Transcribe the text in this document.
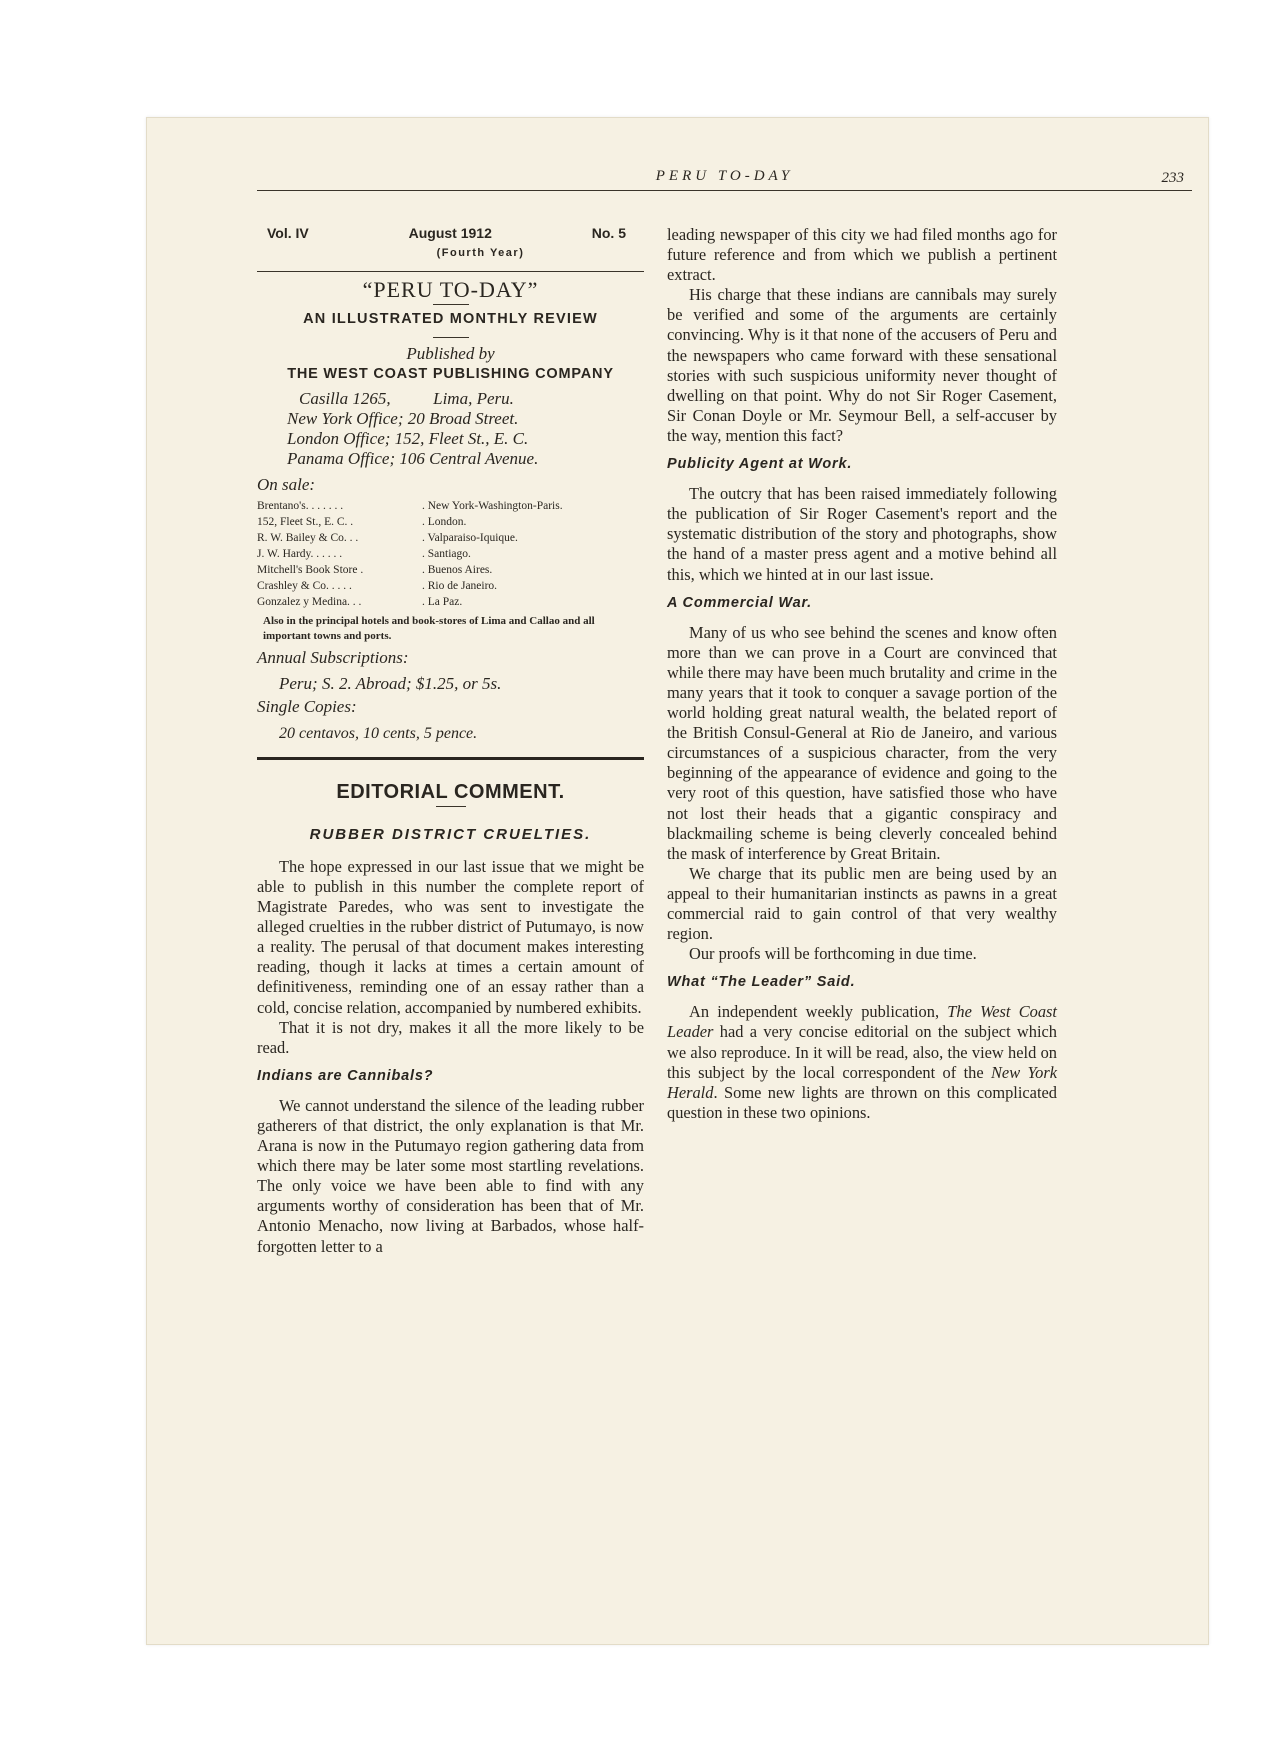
PERU TO-DAY	233
Vol. IV	August 1912	No. 5
(Fourth Year)
“PERU TO-DAY”
AN ILLUSTRATED MONTHLY REVIEW
Published by
THE WEST COAST PUBLISHING COMPANY
Casilla 1265,          Lima, Peru.
New York Office; 20 Broad Street.
London Office; 152, Fleet St., E. C.
Panama Office; 106 Central Avenue.
On sale:
Brentano's. . . . . . .	. New York-Washington-Paris.
152, Fleet St., E. C. .	. London.
R. W. Bailey & Co. . .	. Valparaiso-Iquique.
J. W. Hardy. . . . . .	. Santiago.
Mitchell's Book Store .	. Buenos Aires.
Crashley & Co. . . . .	. Rio de Janeiro.
Gonzalez y Medina. . .	. La Paz.
Also in the principal hotels and book-stores of Lima and Callao and all important towns and ports.
Annual Subscriptions:
Peru; S. 2. Abroad; $1.25, or 5s.
Single Copies:
20 centavos, 10 cents, 5 pence.
EDITORIAL COMMENT.
RUBBER DISTRICT CRUELTIES.

The hope expressed in our last issue that we might be able to publish in this number the complete report of Magistrate Paredes, who was sent to investigate the alleged cruelties in the rubber district of Putumayo, is now a reality. The perusal of that document makes interesting reading, though it lacks at times a certain amount of definitiveness, reminding one of an essay rather than a cold, concise relation, accompanied by numbered exhibits.

That it is not dry, makes it all the more likely to be read.

Indians are Cannibals?

We cannot understand the silence of the leading rubber gatherers of that district, the only explanation is that Mr. Arana is now in the Putumayo region gathering data from which there may be later some most startling revelations. The only voice we have been able to find with any arguments worthy of consideration has been that of Mr. Antonio Menacho, now living at Barbados, whose half-forgotten letter to a

leading newspaper of this city we had filed months ago for future reference and from which we publish a pertinent extract.

His charge that these indians are cannibals may surely be verified and some of the arguments are certainly convincing. Why is it that none of the accusers of Peru and the newspapers who came forward with these sensational stories with such suspicious uniformity never thought of dwelling on that point. Why do not Sir Roger Casement, Sir Conan Doyle or Mr. Seymour Bell, a self-accuser by the way, mention this fact?

Publicity Agent at Work.

The outcry that has been raised immediately following the publication of Sir Roger Casement's report and the systematic distribution of the story and photographs, show the hand of a master press agent and a motive behind all this, which we hinted at in our last issue.

A Commercial War.

Many of us who see behind the scenes and know often more than we can prove in a Court are convinced that while there may have been much brutality and crime in the many years that it took to conquer a savage portion of the world holding great natural wealth, the belated report of the British Consul-General at Rio de Janeiro, and various circumstances of a suspicious character, from the very beginning of the appearance of evidence and going to the very root of this question, have satisfied those who have not lost their heads that a gigantic conspiracy and blackmailing scheme is being cleverly concealed behind the mask of interference by Great Britain.

We charge that its public men are being used by an appeal to their humanitarian instincts as pawns in a great commercial raid to gain control of that very wealthy region.

Our proofs will be forthcoming in due time.

What “The Leader” Said.

An independent weekly publication, The West Coast Leader had a very concise editorial on the subject which we also reproduce. In it will be read, also, the view held on this subject by the local correspondent of the New York Herald. Some new lights are thrown on this complicated question in these two opinions.
